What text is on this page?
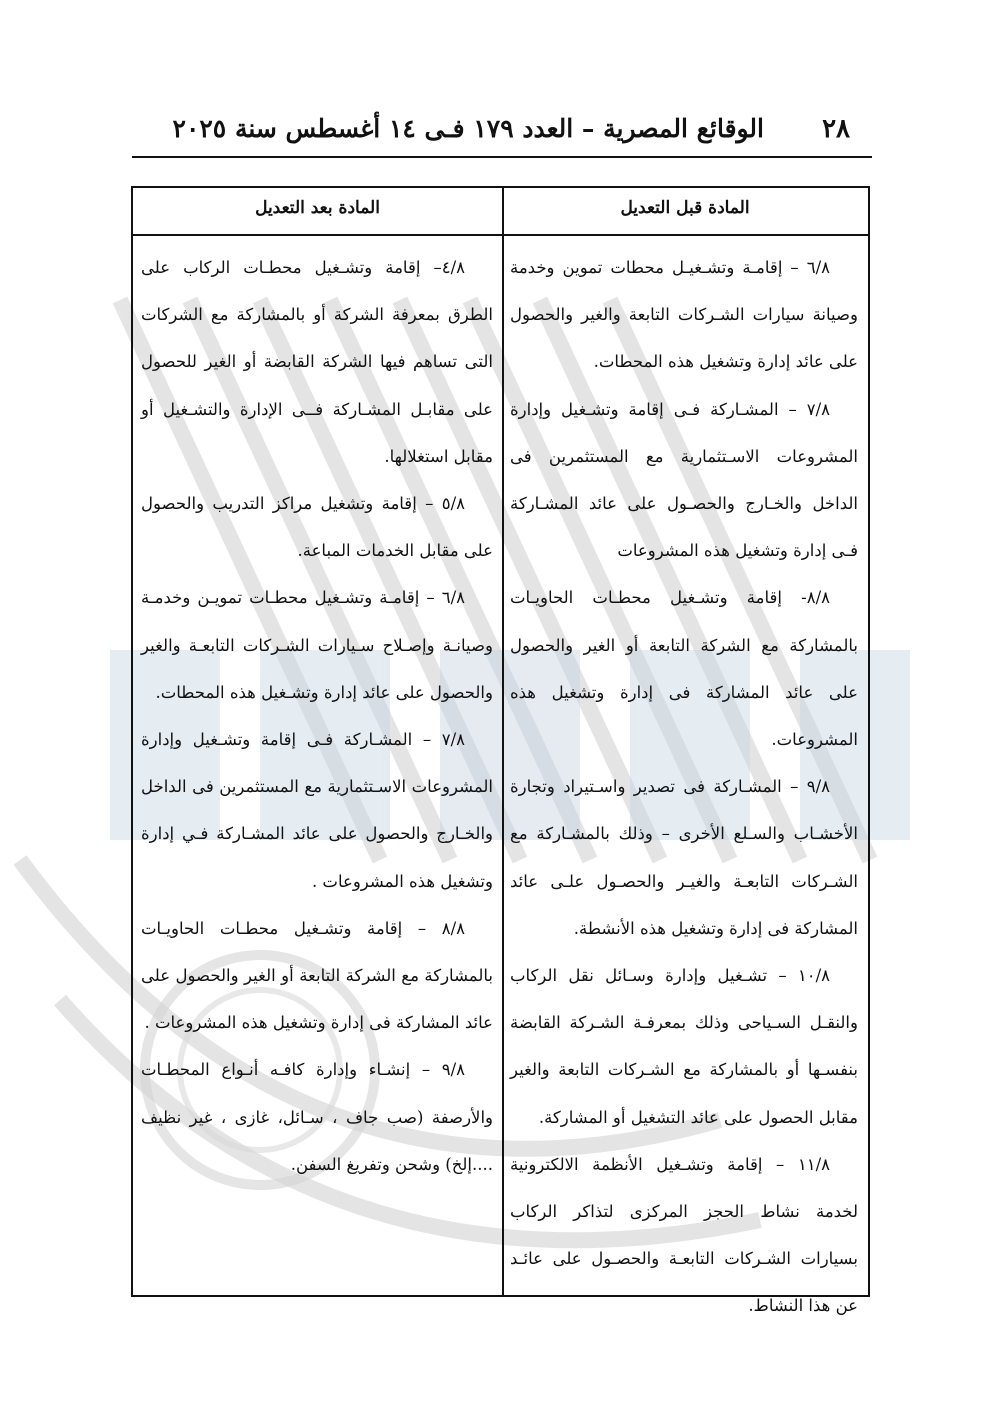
٢٨
الوقائع المصرية – العدد ١٧٩ فـى ١٤ أغسطس سنة ٢٠٢٥
المادة قبل التعديل
المادة بعد التعديل

٦/٨ – إقامـة وتشـغيـل محطات تموين وخدمة وصيانة سيارات الشـركات التابعة والغير والحصول على عائد إدارة وتشغيل هذه المحطات.

٧/٨ – المشـاركة فـى إقامة وتشـغيل وإدارة المشروعات الاسـتثمارية مع المستثمرين فى الداخل والخـارج والحصـول على عائد المشـاركة فـى إدارة وتشغيل هذه المشروعات

٨/٨- إقامة وتشـغيل محطـات الحاويـات بالمشاركة مع الشركة التابعة أو الغير والحصول على عائد المشاركة فى إدارة وتشغيل هذه المشروعات.

٩/٨ – المشـاركة فى تصدير واسـتيراد وتجارة الأخشـاب والسـلع الأخرى – وذلك بالمشـاركة مع الشـركات التابعـة والغيـر والحصـول علـى عائد المشاركة فى إدارة وتشغيل هذه الأنشطة.

١٠/٨ – تشـغيل وإدارة وسـائل نقل الركاب والنقـل السـياحى وذلك بمعرفـة الشـركة القابضة بنفسـها أو بالمشاركة مع الشـركات التابعة والغير مقابل الحصول على عائد التشغيل أو المشاركة.

١١/٨ – إقامة وتشـغيل الأنظمة الالكترونية لخدمة نشاط الحجز المركزى لتذاكر الركاب بسيارات الشـركات التابعـة والحصـول على عائـد عن هذا النشاط.

٤/٨– إقامة وتشـغيل محطـات الركاب على الطرق بمعرفة الشركة أو بالمشاركة مع الشركات التى تساهم فيها الشركة القابضة أو الغير للحصول على مقابـل المشـاركة فــى الإدارة والتشـغيل أو مقابل استغلالها.

٥/٨ – إقامة وتشغيل مراكز التدريب والحصول على مقابل الخدمات المباعة.

٦/٨ – إقامـة وتشـغيل محطـات تمويـن وخدمـة وصيانـة وإصـلاح سـيارات الشـركات التابعـة والغير والحصول على عائد إدارة وتشـغيل هذه المحطات.

٧/٨ – المشـاركة فـى إقامة وتشـغيل وإدارة المشروعات الاسـتثمارية مع المستثمرين فى الداخل والخـارج والحصول على عائد المشـاركة فـي إدارة وتشغيل هذه المشروعات .

٨/٨ – إقامة وتشـغيل محطـات الحاويـات بالمشاركة مع الشركة التابعة أو الغير والحصول على عائد المشاركة فى إدارة وتشغيل هذه المشروعات .

٩/٨ – إنشـاء وإدارة كافـه أنـواع المحطـات والأرصفة (صب جاف ، سـائل، غازى ، غير نظيف ....إلخ) وشحن وتفريغ السفن.
